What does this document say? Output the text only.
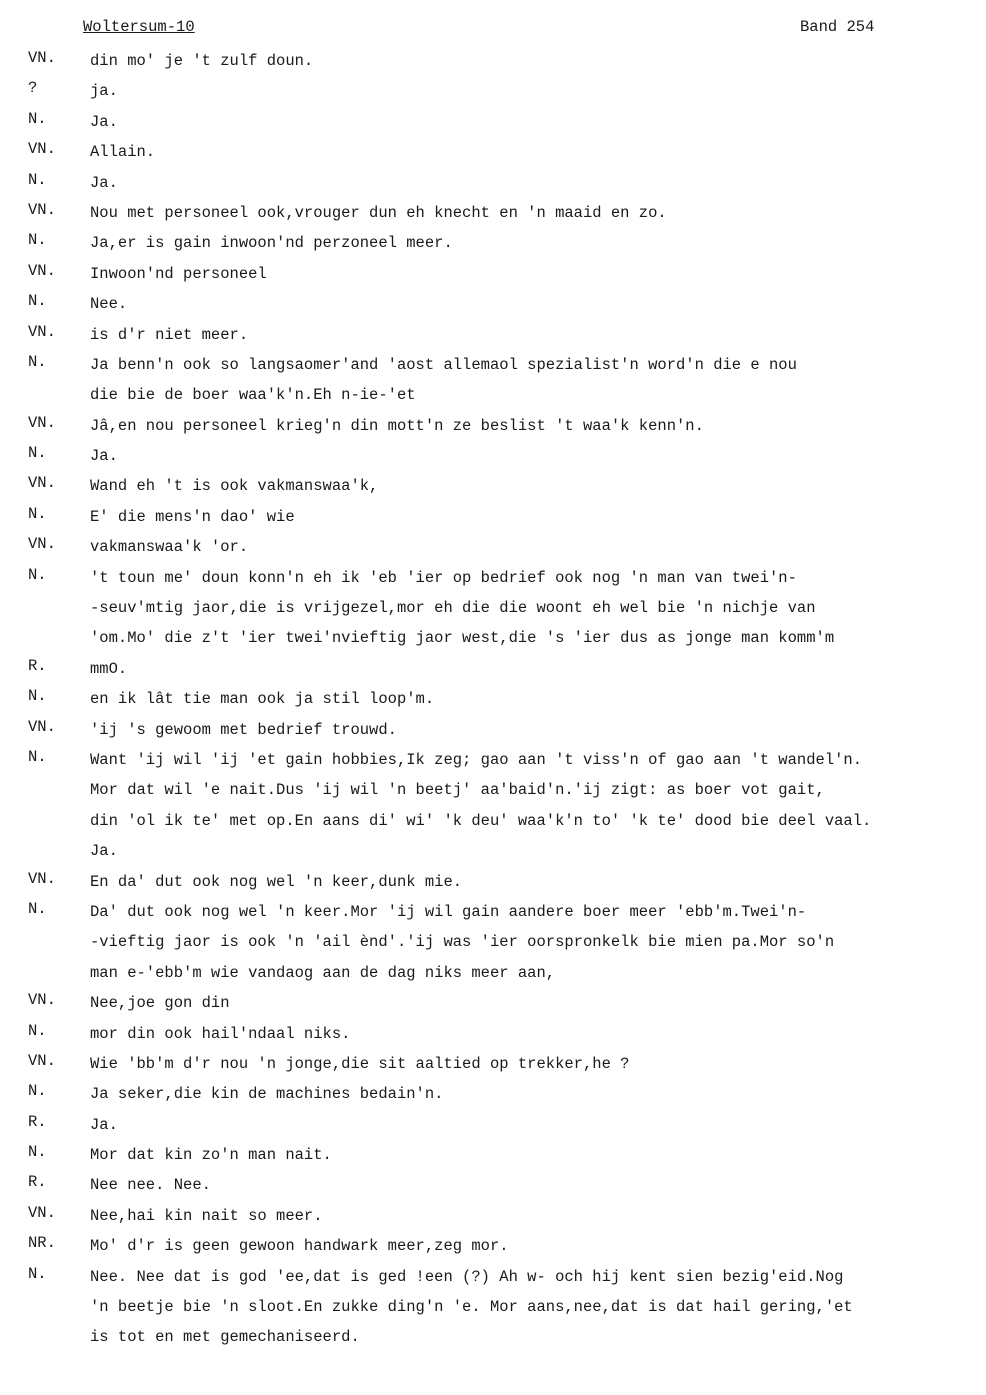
Woltersum-10	Band 254
VN. din mo' je 't zulf doun.
?	ja.
N.	Ja.
VN. Allain.
N.	Ja.
VN. Nou met personeel ook,vrouger dun eh knecht en 'n maaid en zo.
N.	Ja,er is gain inwoon'nd perzoneel meer.
VN. Inwoon'nd personeel
N.	Nee.
VN. is d'r niet meer.
N.	Ja benn'n ook so langsaomer'and 'aost allemaol spezialist'n word'n die e nou
die bie de boer waa'k'n.Eh n-ie-'et
VN. Jâ,en nou personeel krieg'n din mott'n ze beslist 't waa'k kenn'n.
N.	Ja.
VN. Wand eh 't is ook vakmanswaa'k,
N.	E' die mens'n dao' wie
VN. vakmanswaa'k 'or.
N.	't toun me' doun konn'n eh ik 'eb 'ier op bedrief ook nog 'n man van twei'n-
-seuv'mtig jaor,die is vrijgezel,mor eh die die woont eh wel bie 'n nichje van
'om.Mo' die z't 'ier twei'nvieftig jaor west,die 's 'ier dus as jonge man komm'm
R.	mmO.
N.	en ik lât tie man ook ja stil loop'm.
VN. 'ij 's gewoom met bedrief trouwd.
N.	Want 'ij wil 'ij 'et gain hobbies,Ik zeg; gao aan 't viss'n of gao aan 't wandel'n.
Mor dat wil 'e nait.Dus 'ij wil 'n beetj' aa'baid'n.'ij zigt: as boer vot gait,
din 'ol ik te' met op.En aans di' wi' 'k deu' waa'k'n to' 'k te' dood bie deel vaal.
Ja.
VN. En da' dut ook nog wel 'n keer,dunk mie.
N.	Da' dut ook nog wel 'n keer.Mor 'ij wil gain aandere boer meer 'ebb'm.Twei'n-
-vieftig jaor is ook 'n 'ail ènd'.'ij was 'ier oorspronkelk bie mien pa.Mor so'n
man e-'ebb'm wie vandaog aan de dag niks meer aan,
VN. Nee,joe gon din
N.	mor din ook hail'ndaal niks.
VN. Wie 'bb'm d'r nou 'n jonge,die sit aaltied op trekker,he ?
N.	Ja seker,die kin de machines bedain'n.
R.	Ja.
N.	Mor dat kin zo'n man nait.
R.	Nee nee. Nee.
VN. Nee,hai kin nait so meer.
NR. Mo' d'r is geen gewoon handwark meer,zeg mor.
N.	Nee. Nee dat is god 'ee,dat is ged !een (?) Ah w- och hij kent sien bezig'eid.Nog
'n beetje bie 'n sloot.En zukke ding'n 'e. Mor aans,nee,dat is dat hail gering,'et
is tot en met gemechaniseerd.
